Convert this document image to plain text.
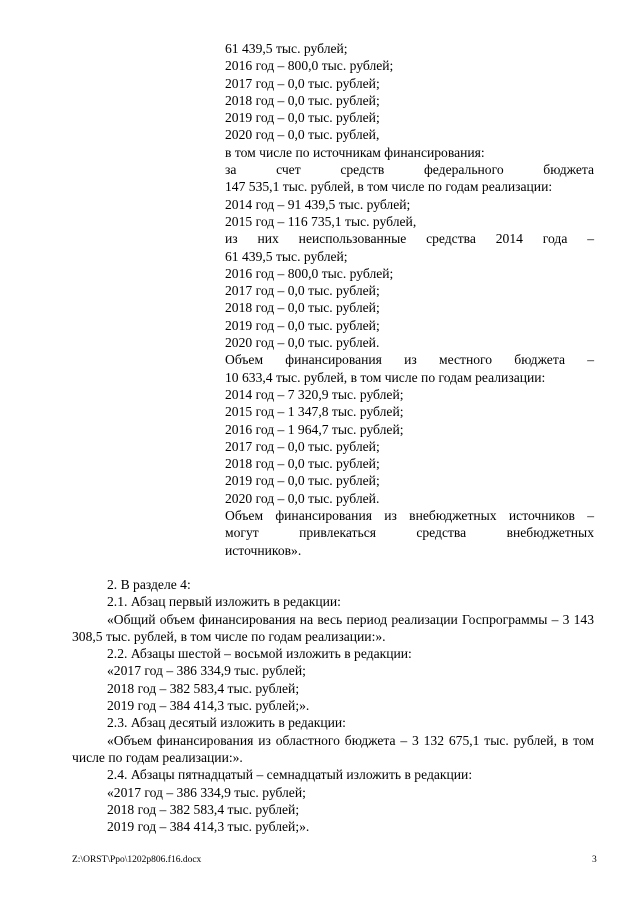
61 439,5 тыс. рублей;
2016 год – 800,0 тыс. рублей;
2017 год – 0,0 тыс. рублей;
2018 год – 0,0 тыс. рублей;
2019 год – 0,0 тыс. рублей;
2020 год – 0,0 тыс. рублей,
в том числе по источникам финансирования:
за счет средств федерального бюджета
147 535,1 тыс. рублей, в том числе по годам реализации:
2014 год – 91 439,5 тыс. рублей;
2015 год – 116 735,1 тыс. рублей,
из них неиспользованные средства 2014 года –
61 439,5 тыс. рублей;
2016 год – 800,0 тыс. рублей;
2017 год – 0,0 тыс. рублей;
2018 год – 0,0 тыс. рублей;
2019 год – 0,0 тыс. рублей;
2020 год – 0,0 тыс. рублей.
Объем финансирования из местного бюджета –
10 633,4 тыс. рублей, в том числе по годам реализации:
2014 год – 7 320,9 тыс. рублей;
2015 год – 1 347,8 тыс. рублей;
2016 год – 1 964,7 тыс. рублей;
2017 год – 0,0 тыс. рублей;
2018 год – 0,0 тыс. рублей;
2019 год – 0,0 тыс. рублей;
2020 год – 0,0 тыс. рублей.
Объем финансирования из внебюджетных источников –
могут привлекаться средства внебюджетных
источников».
2. В разделе 4:
2.1. Абзац первый изложить в редакции:
«Общий объем финансирования на весь период реализации Госпрограммы – 3 143 308,5 тыс. рублей, в том числе по годам реализации:».
2.2. Абзацы шестой – восьмой изложить в редакции:
«2017 год – 386 334,9 тыс. рублей;
2018 год – 382 583,4 тыс. рублей;
2019 год – 384 414,3 тыс. рублей;».
2.3. Абзац десятый изложить в редакции:
«Объем финансирования из областного бюджета – 3 132 675,1 тыс. рублей, в том числе по годам реализации:».
2.4. Абзацы пятнадцатый – семнадцатый изложить в редакции:
«2017 год – 386 334,9 тыс. рублей;
2018 год – 382 583,4 тыс. рублей;
2019 год – 384 414,3 тыс. рублей;».
Z:\ORST\Ppo\1202p806.f16.docx	3
